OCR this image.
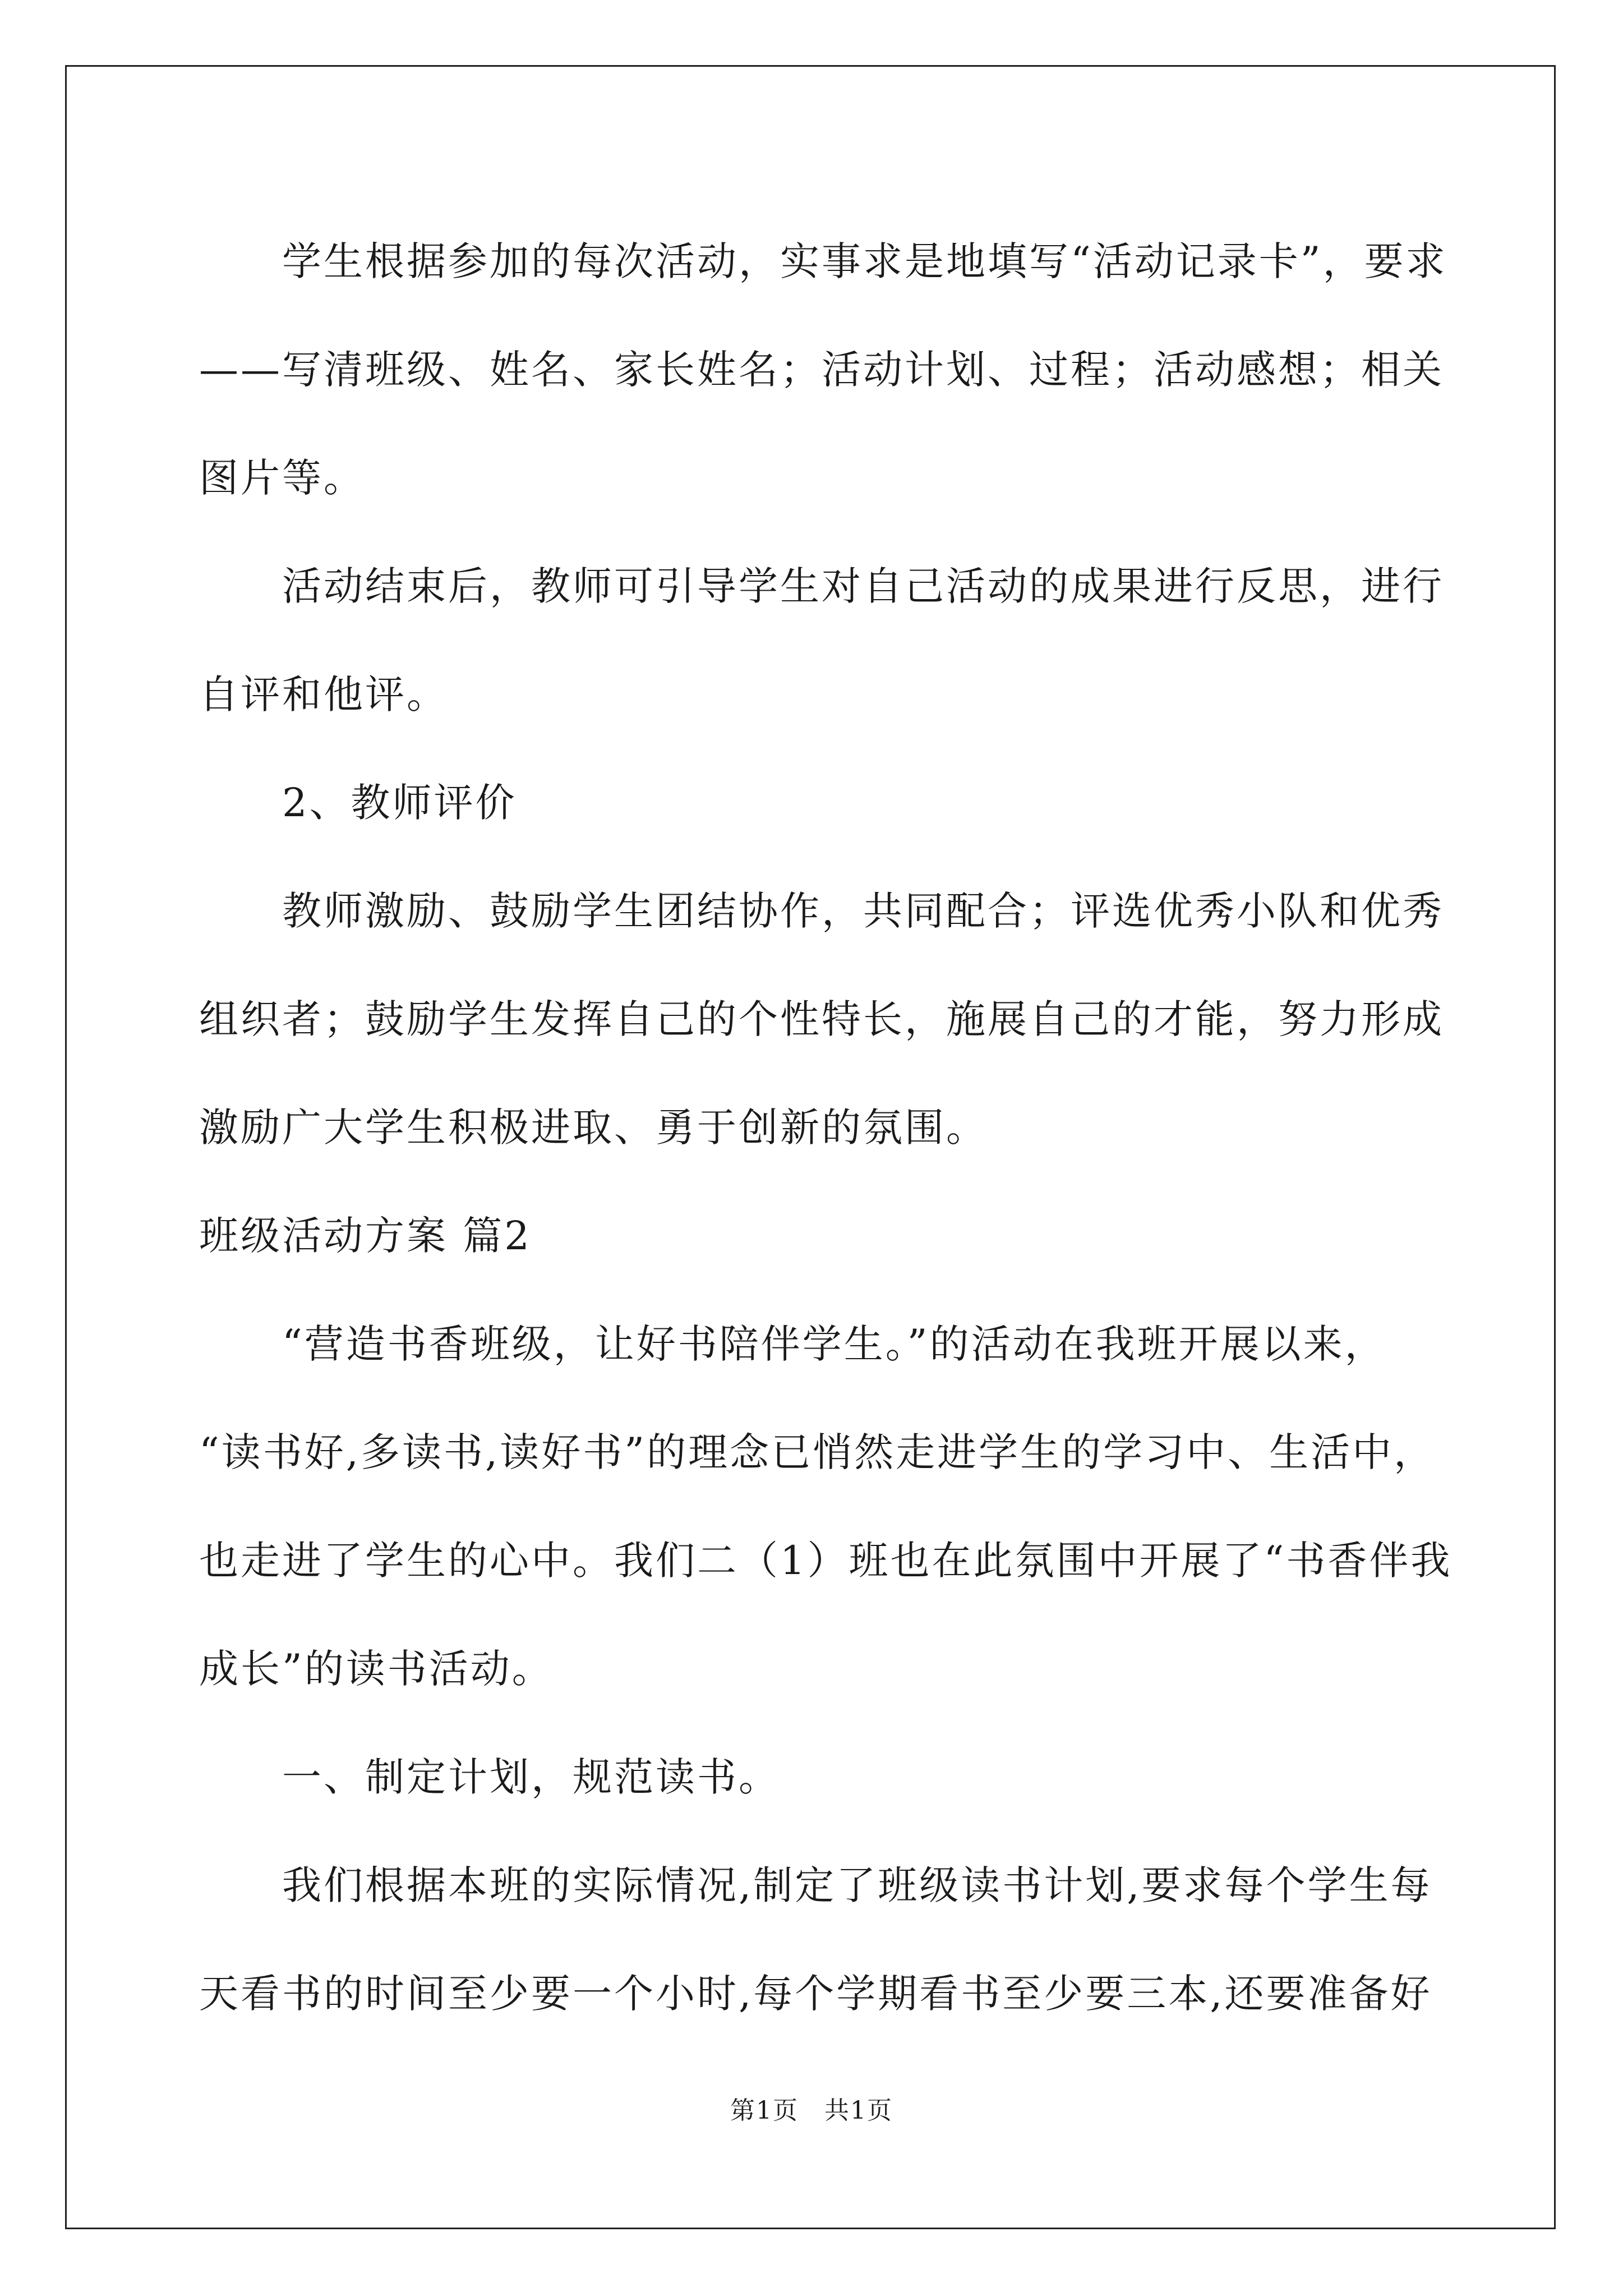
学生根据参加的每次活动，实事求是地填写“活动记录卡”，要求
——写清班级、姓名、家长姓名；活动计划、过程；活动感想；相关
图片等。
活动结束后，教师可引导学生对自己活动的成果进行反思，进行
自评和他评。
2、教师评价
教师激励、鼓励学生团结协作，共同配合；评选优秀小队和优秀
组织者；鼓励学生发挥自己的个性特长，施展自己的才能，努力形成
激励广大学生积极进取、勇于创新的氛围。
班级活动方案 篇2
“营造书香班级，让好书陪伴学生。”的活动在我班开展以来，
“读书好,多读书,读好书”的理念已悄然走进学生的学习中、生活中，
也走进了学生的心中。我们二（1）班也在此氛围中开展了“书香伴我
成长”的读书活动。
一、制定计划，规范读书。
我们根据本班的实际情况,制定了班级读书计划,要求每个学生每
天看书的时间至少要一个小时,每个学期看书至少要三本,还要准备好
第1页　共1页
